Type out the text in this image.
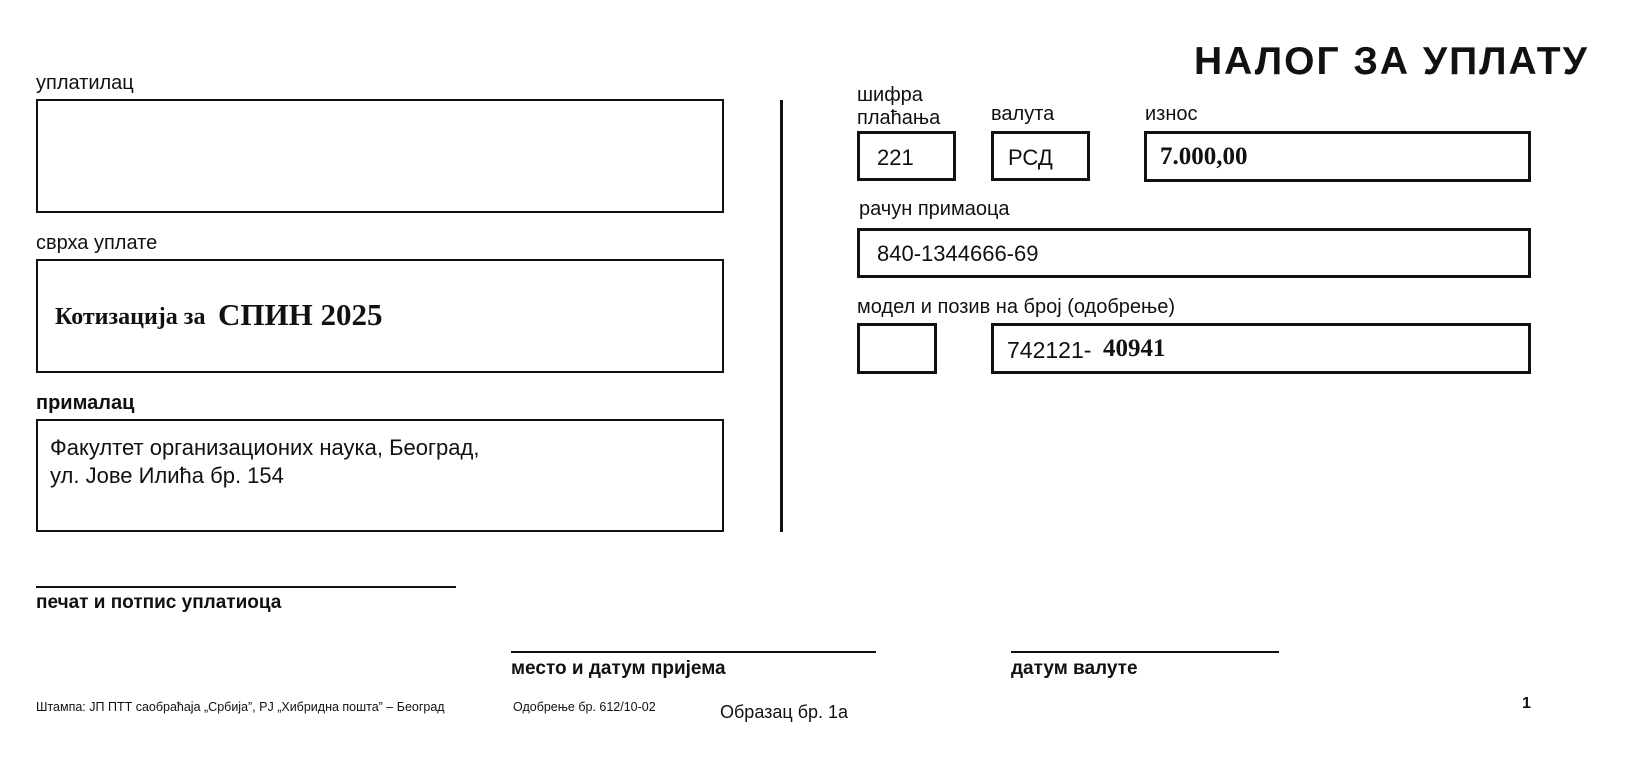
НАЛОГ ЗА УПЛАТУ
уплатилац
сврха уплате
Котизација за СПИН 2025
прималац
Факултет организационих наука, Београд,
ул. Јове Илића бр. 154
шифра
плаћања
221
валута
РСД
износ
7.000,00
рачун примаоца
840-1344666-69
модел и позив на број (одобрење)
742121- 40941
печат и потпис уплатиоца
место и датум пријема	датум валуте
Штампа: ЈП ПТТ саобраћаја „Србија”, РЈ „Хибридна пошта” – Београд	Одобрење бр. 612/10-02	Образац бр. 1а	1
